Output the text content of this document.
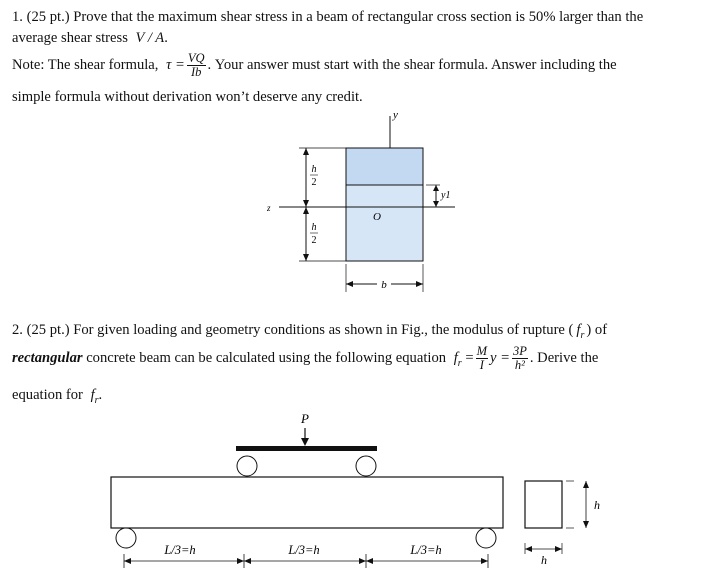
1. (25 pt.) Prove that the maximum shear stress in a beam of rectangular cross section is 50% larger than the
average shear stress V / A.
Note: The shear formula, $\tau = \frac{VQ}{Ib}$ . Your answer must start with the shear formula. Answer including the
simple formula without derivation won’t deserve any credit.
y
z
h
2
h
2
O
y1
b
2. (25 pt.) For given loading and geometry conditions as shown in Fig., the modulus of rupture ( $f_r$ ) of
rectangular concrete beam can be calculated using the following equation $f_r = \frac{M}{I}$ $y = \frac{3P}{\text{h²}}$ . Derive the
equation for $f_r$.
P
L/3=h	L/3=h	L/3=h
h
h
